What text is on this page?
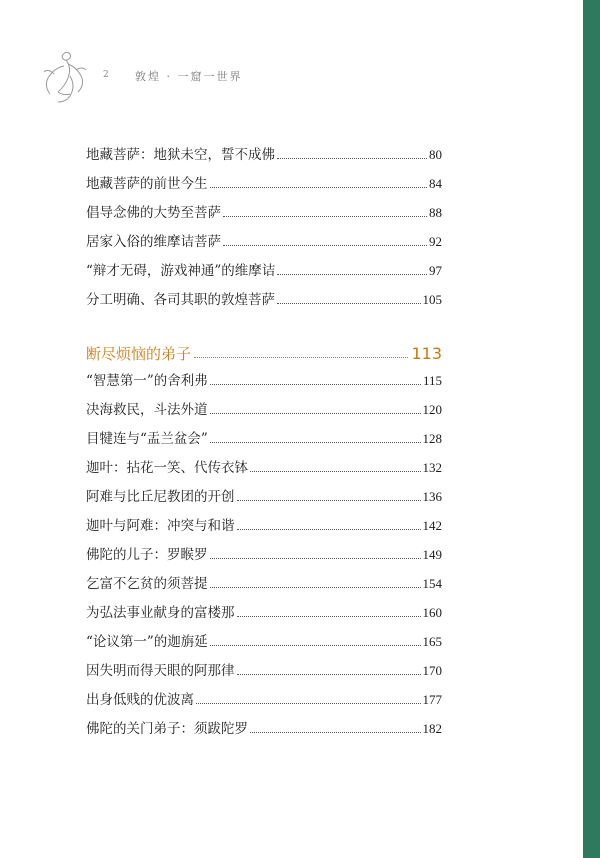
2 敦煌 · 一窟一世界
地藏菩萨：地狱未空，誓不成佛	80
地藏菩萨的前世今生	84
倡导念佛的大势至菩萨	88
居家入俗的维摩诘菩萨	92
“辩才无碍，游戏神通”的维摩诘	97
分工明确、各司其职的敦煌菩萨	105
断尽烦恼的弟子	113
“智慧第一”的舍利弗	115
决海救民，斗法外道	120
目犍连与“盂兰盆会”	128
迦叶：拈花一笑、代传衣钵	132
阿难与比丘尼教团的开创	136
迦叶与阿难：冲突与和谐	142
佛陀的儿子：罗睺罗	149
乞富不乞贫的须菩提	154
为弘法事业献身的富楼那	160
“论议第一”的迦旃延	165
因失明而得天眼的阿那律	170
出身低贱的优波离	177
佛陀的关门弟子：须跋陀罗	182
